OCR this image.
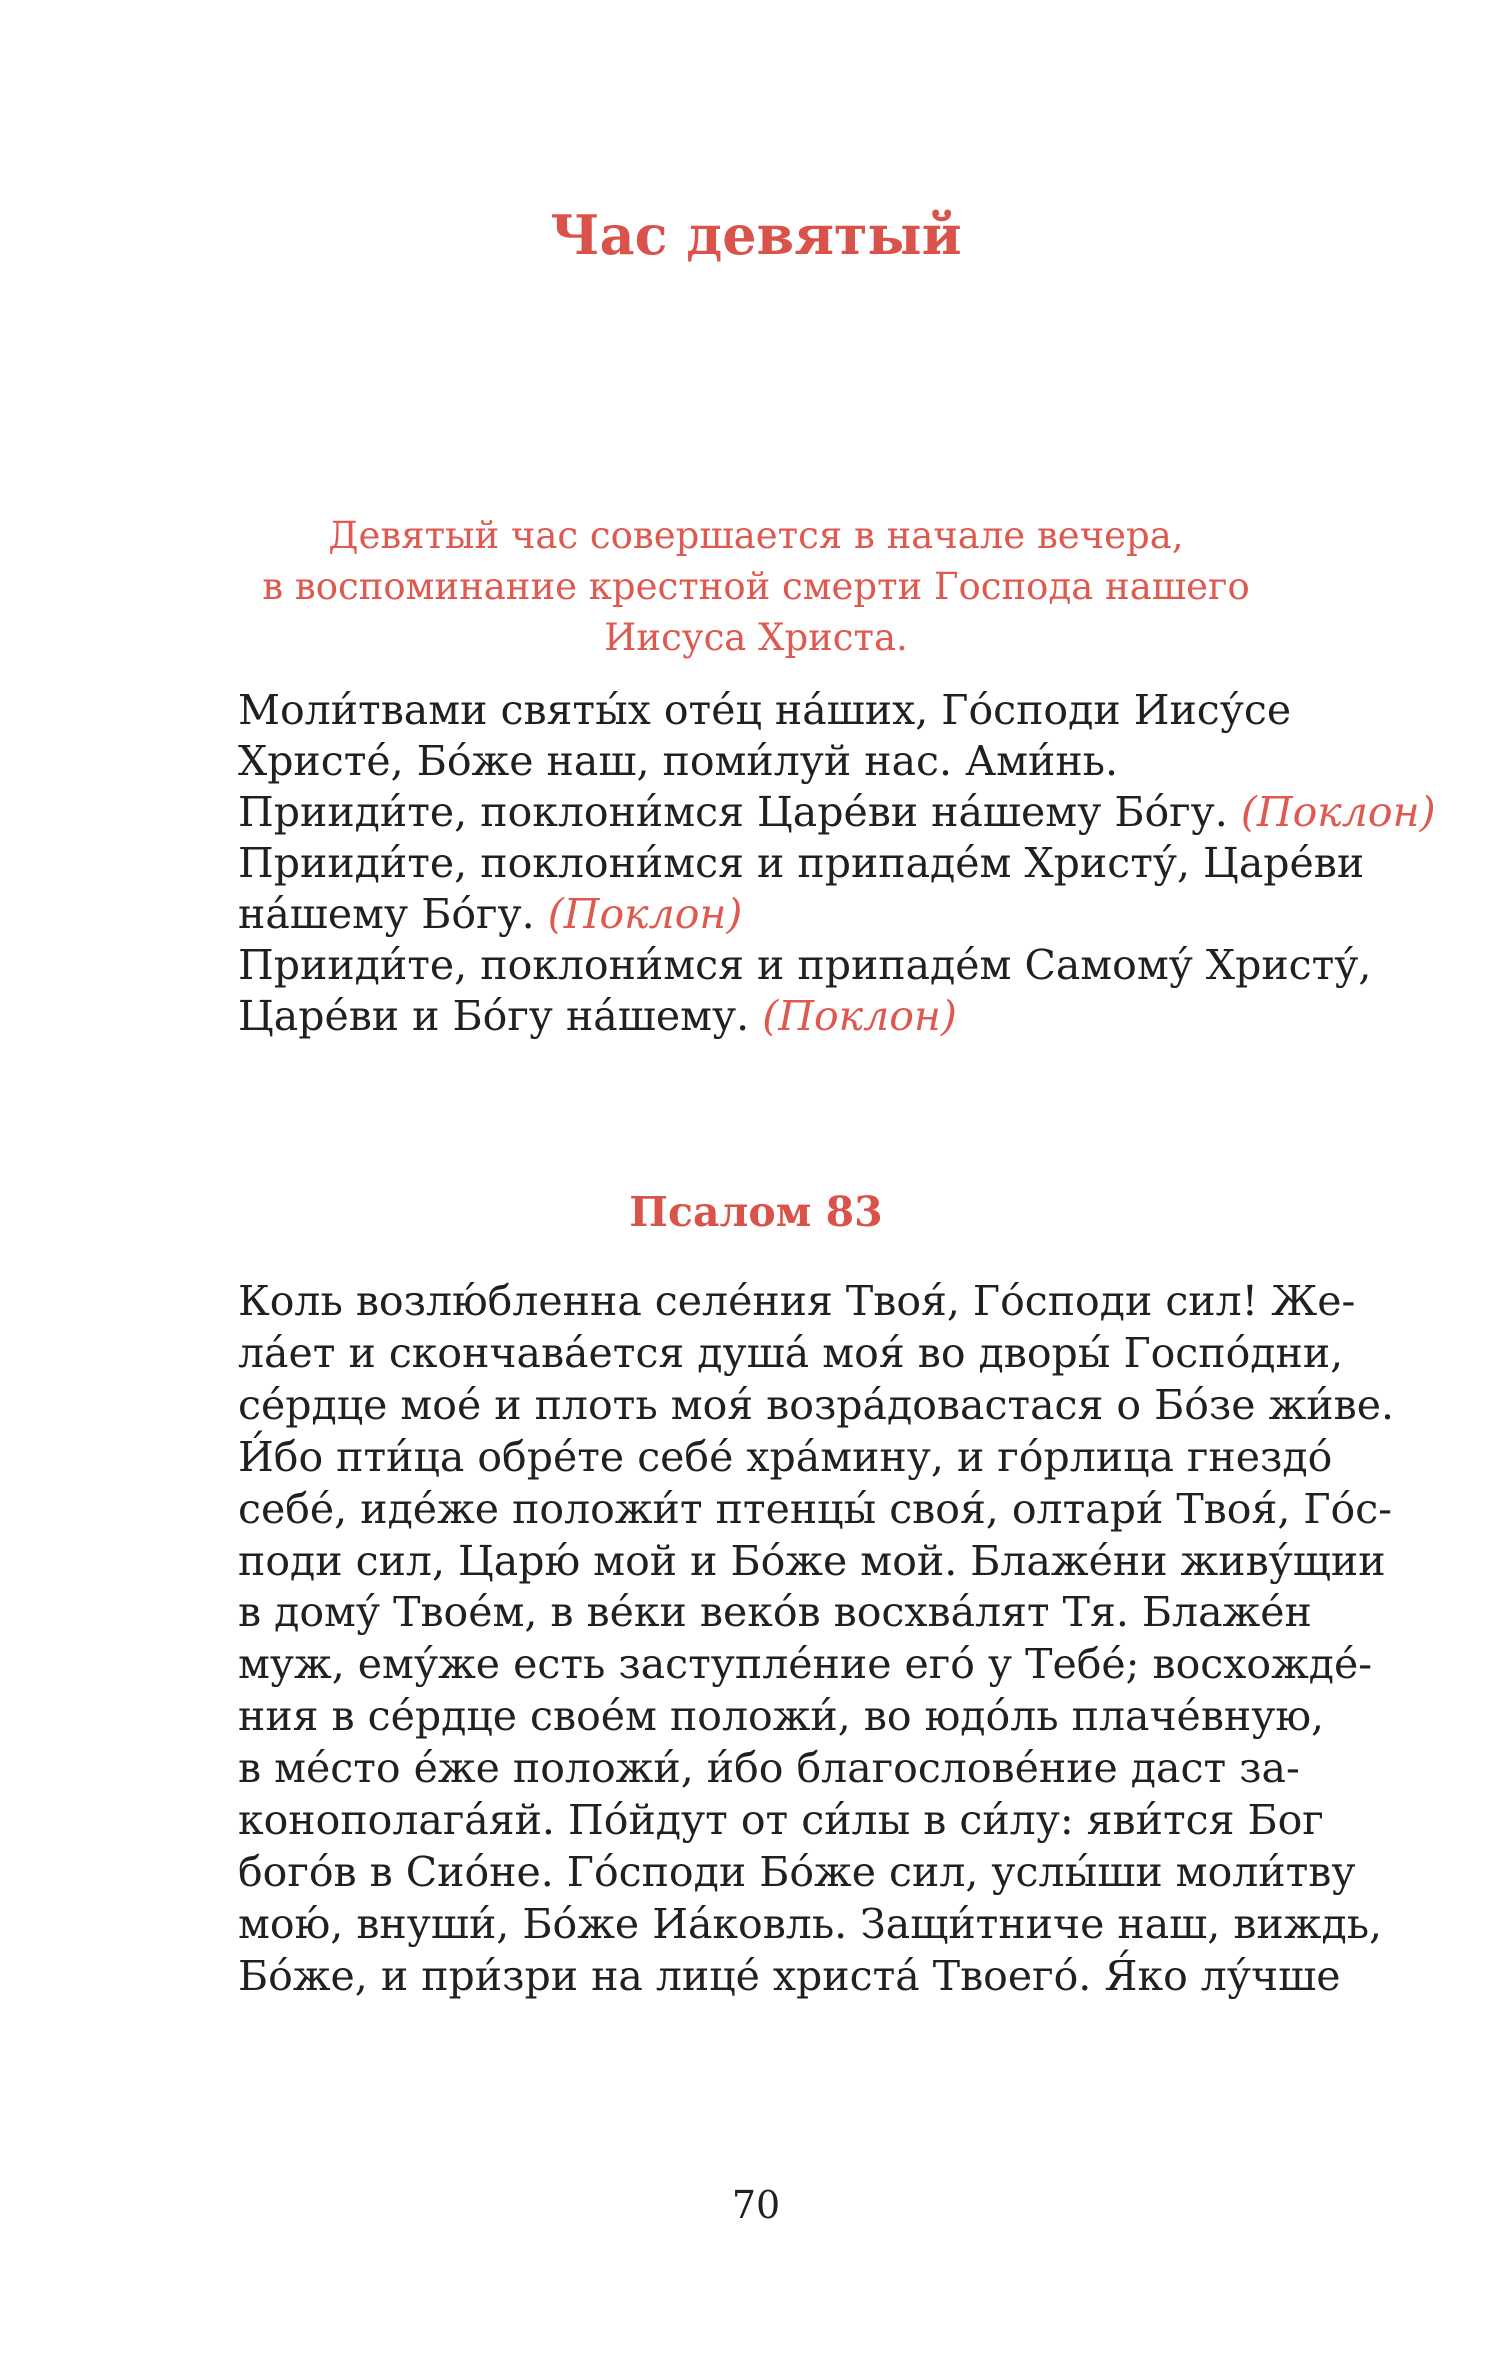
Час девятый
Девятый час совершается в начале вечера,
в воспоминание крестной смерти Господа нашего
Иисуса Христа.
Моли́твами святы́х оте́ц на́ших, Го́споди Иису́се
Христе́, Бо́же наш, поми́луй нас. Ами́нь.
Прииди́те, поклони́мся Царе́ви на́шему Бо́гу. (Поклон)
Прииди́те, поклони́мся и припаде́м Христу́, Царе́ви
на́шему Бо́гу. (Поклон)
Прииди́те, поклони́мся и припаде́м Самому́ Христу́,
Царе́ви и Бо́гу на́шему. (Поклон)
Псалом 83
Коль возлю́бленна селе́ния Твоя́, Го́споди сил! Же-
ла́ет и скончава́ется душа́ моя́ во дворы́ Госпо́дни,
се́рдце мое́ и плоть моя́ возра́довастася о Бо́зе жи́ве.
И́бо пти́ца обре́те себе́ хра́мину, и го́рлица гнездо́
себе́, иде́же положи́т птенцы́ своя́, олтари́ Твоя́, Го́с-
поди сил, Царю́ мой и Бо́же мой. Блаже́ни живу́щии
в дому́ Твое́м, в ве́ки веко́в восхва́лят Тя. Блаже́н
муж, ему́же есть заступле́ние его́ у Тебе́; восхожде́-
ния в се́рдце свое́м положи́, во юдо́ль плаче́вную,
в ме́сто е́же положи́, и́бо благослове́ние даст за-
конополага́яй. По́йдут от си́лы в си́лу: яви́тся Бог
бого́в в Сио́не. Го́споди Бо́же сил, услы́ши моли́тву
мою́, внуши́, Бо́же Иа́ковль. Защи́тниче наш, виждь,
Бо́же, и при́зри на лице́ христа́ Твоего́. Я́ко лу́чше
70
